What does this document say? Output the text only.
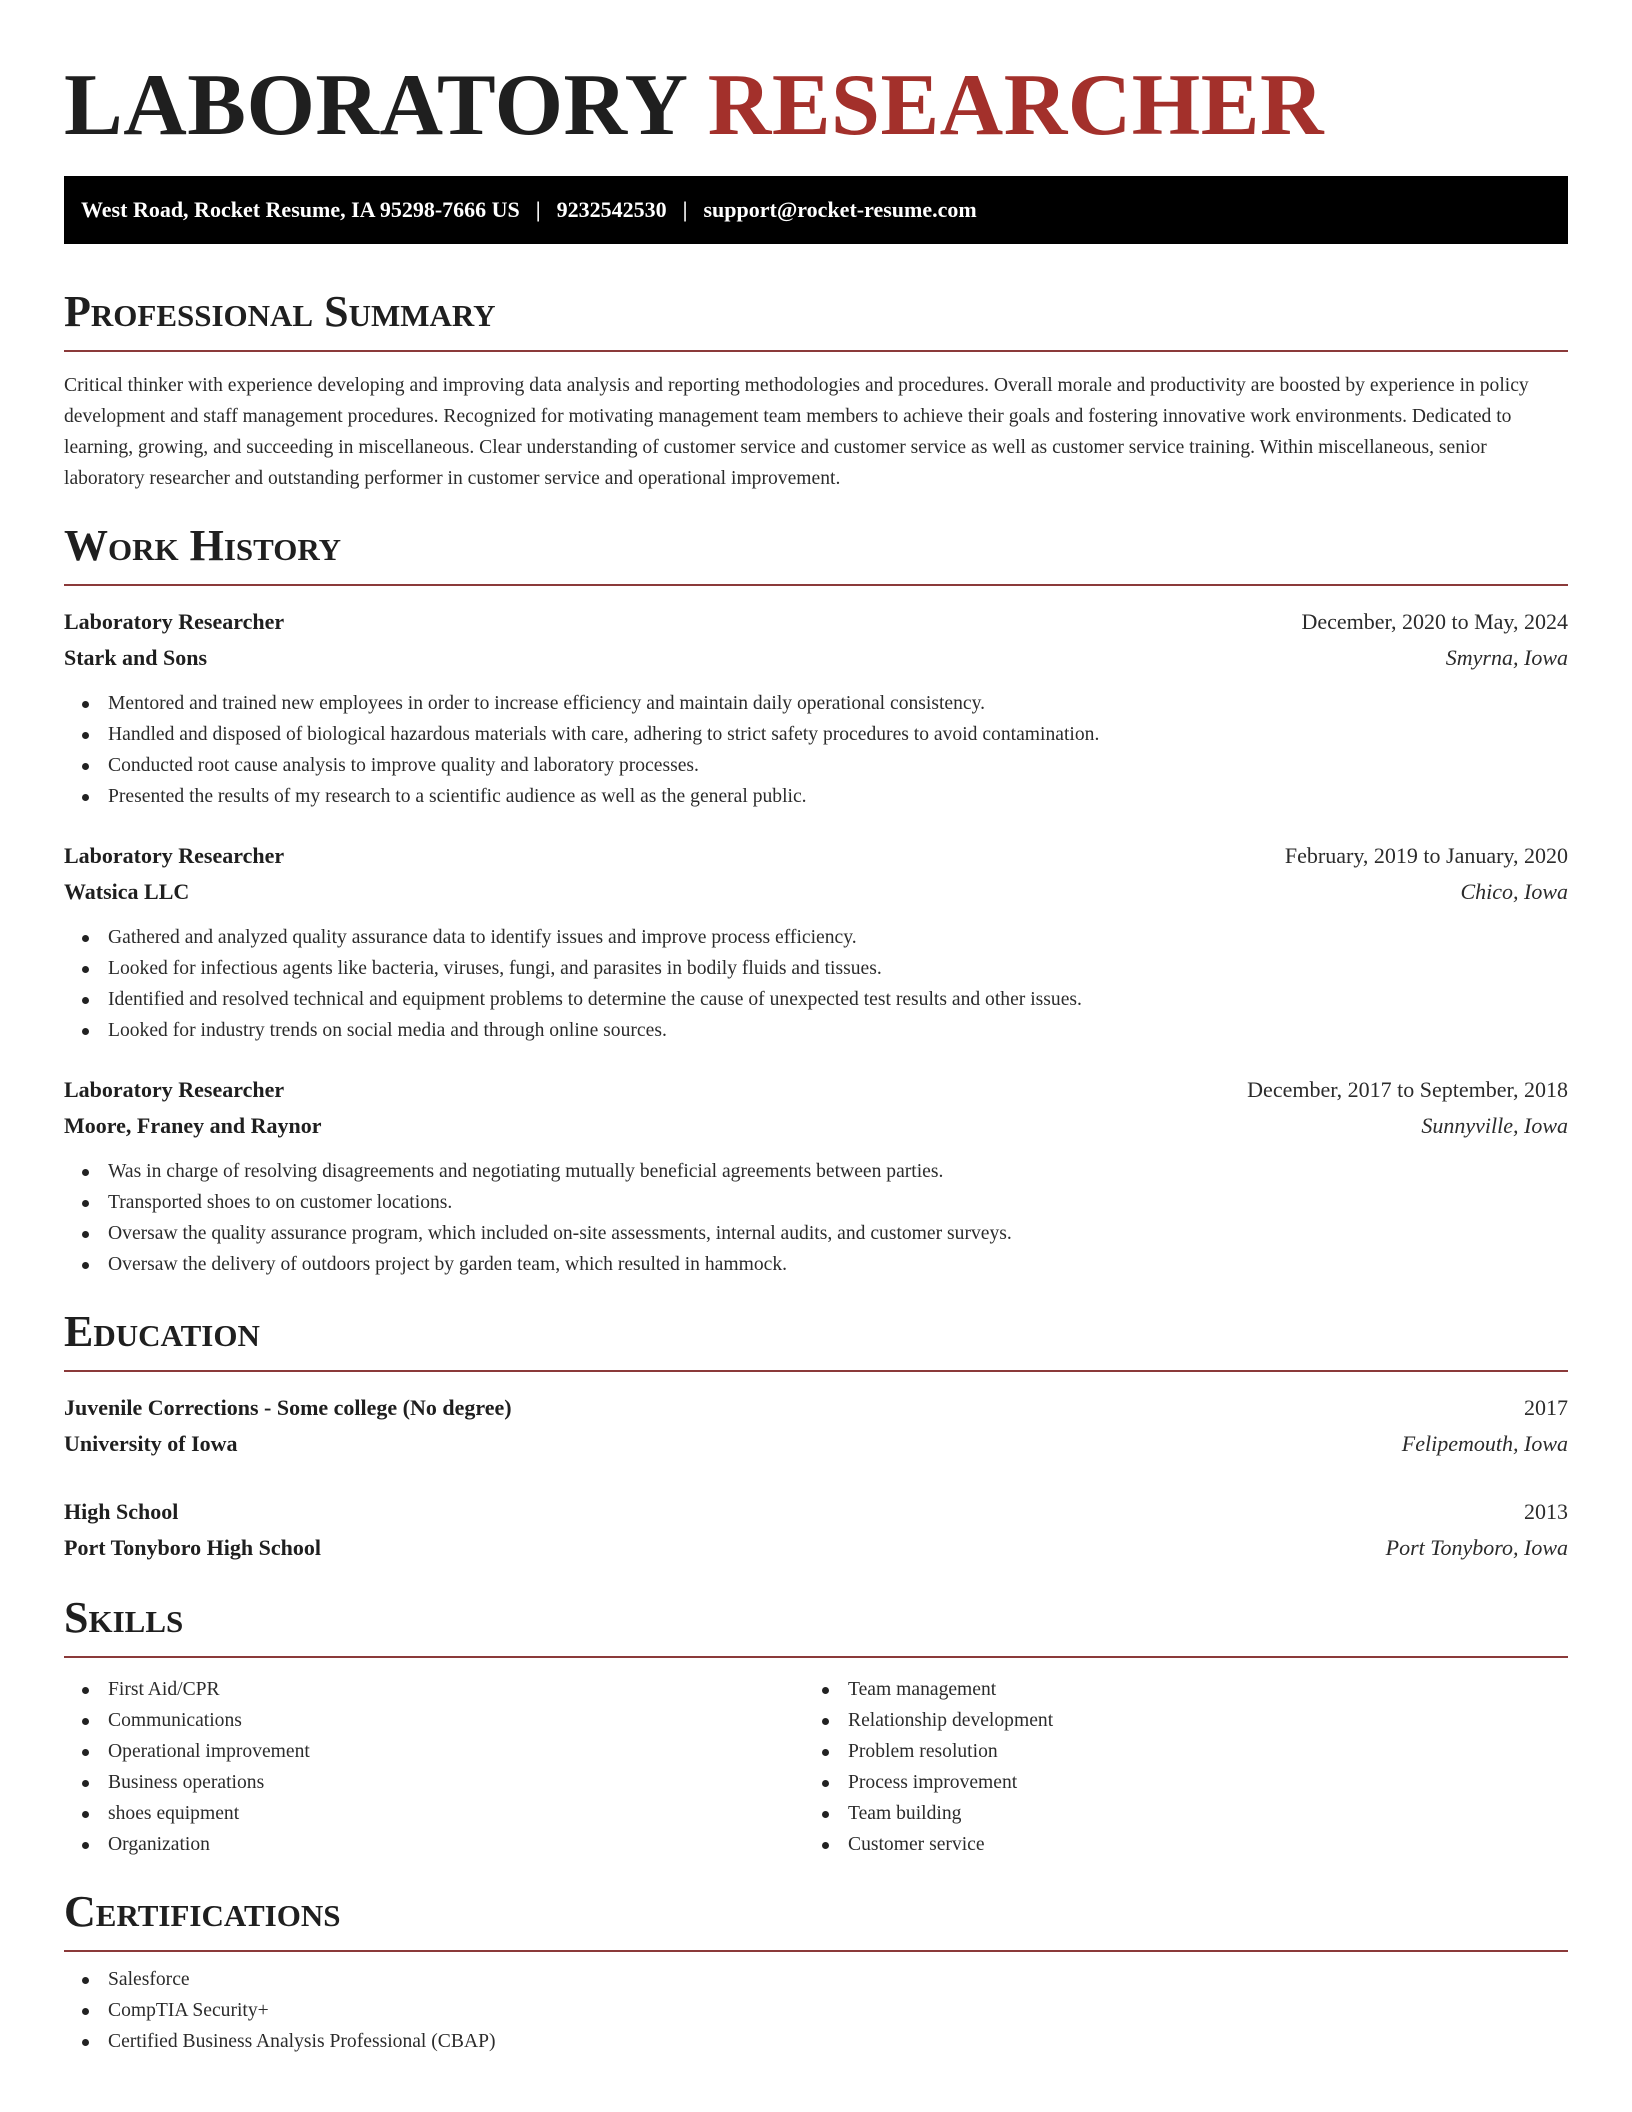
LABORATORY RESEARCHER
West Road, Rocket Resume, IA 95298-7666 US | 9232542530 | support@rocket-resume.com
Professional Summary

Critical thinker with experience developing and improving data analysis and reporting methodologies and procedures. Overall morale and productivity are boosted by experience in policy development and staff management procedures. Recognized for motivating management team members to achieve their goals and fostering innovative work environments. Dedicated to learning, growing, and succeeding in miscellaneous. Clear understanding of customer service and customer service as well as customer service training. Within miscellaneous, senior laboratory researcher and outstanding performer in customer service and operational improvement.

Work History
Laboratory Researcher	December, 2020 to May, 2024
Stark and Sons	Smyrna, Iowa
Mentored and trained new employees in order to increase efficiency and maintain daily operational consistency.
Handled and disposed of biological hazardous materials with care, adhering to strict safety procedures to avoid contamination.
Conducted root cause analysis to improve quality and laboratory processes.
Presented the results of my research to a scientific audience as well as the general public.
Laboratory Researcher	February, 2019 to January, 2020
Watsica LLC	Chico, Iowa
Gathered and analyzed quality assurance data to identify issues and improve process efficiency.
Looked for infectious agents like bacteria, viruses, fungi, and parasites in bodily fluids and tissues.
Identified and resolved technical and equipment problems to determine the cause of unexpected test results and other issues.
Looked for industry trends on social media and through online sources.
Laboratory Researcher	December, 2017 to September, 2018
Moore, Franey and Raynor	Sunnyville, Iowa
Was in charge of resolving disagreements and negotiating mutually beneficial agreements between parties.
Transported shoes to on customer locations.
Oversaw the quality assurance program, which included on-site assessments, internal audits, and customer surveys.
Oversaw the delivery of outdoors project by garden team, which resulted in hammock.
Education
Juvenile Corrections - Some college (No degree)	2017
University of Iowa	Felipemouth, Iowa
High School	2013
Port Tonyboro High School	Port Tonyboro, Iowa
Skills
First Aid/CPR
Communications
Operational improvement
Business operations
shoes equipment
Organization
Team management
Relationship development
Problem resolution
Process improvement
Team building
Customer service
Certifications
Salesforce
CompTIA Security+
Certified Business Analysis Professional (CBAP)
